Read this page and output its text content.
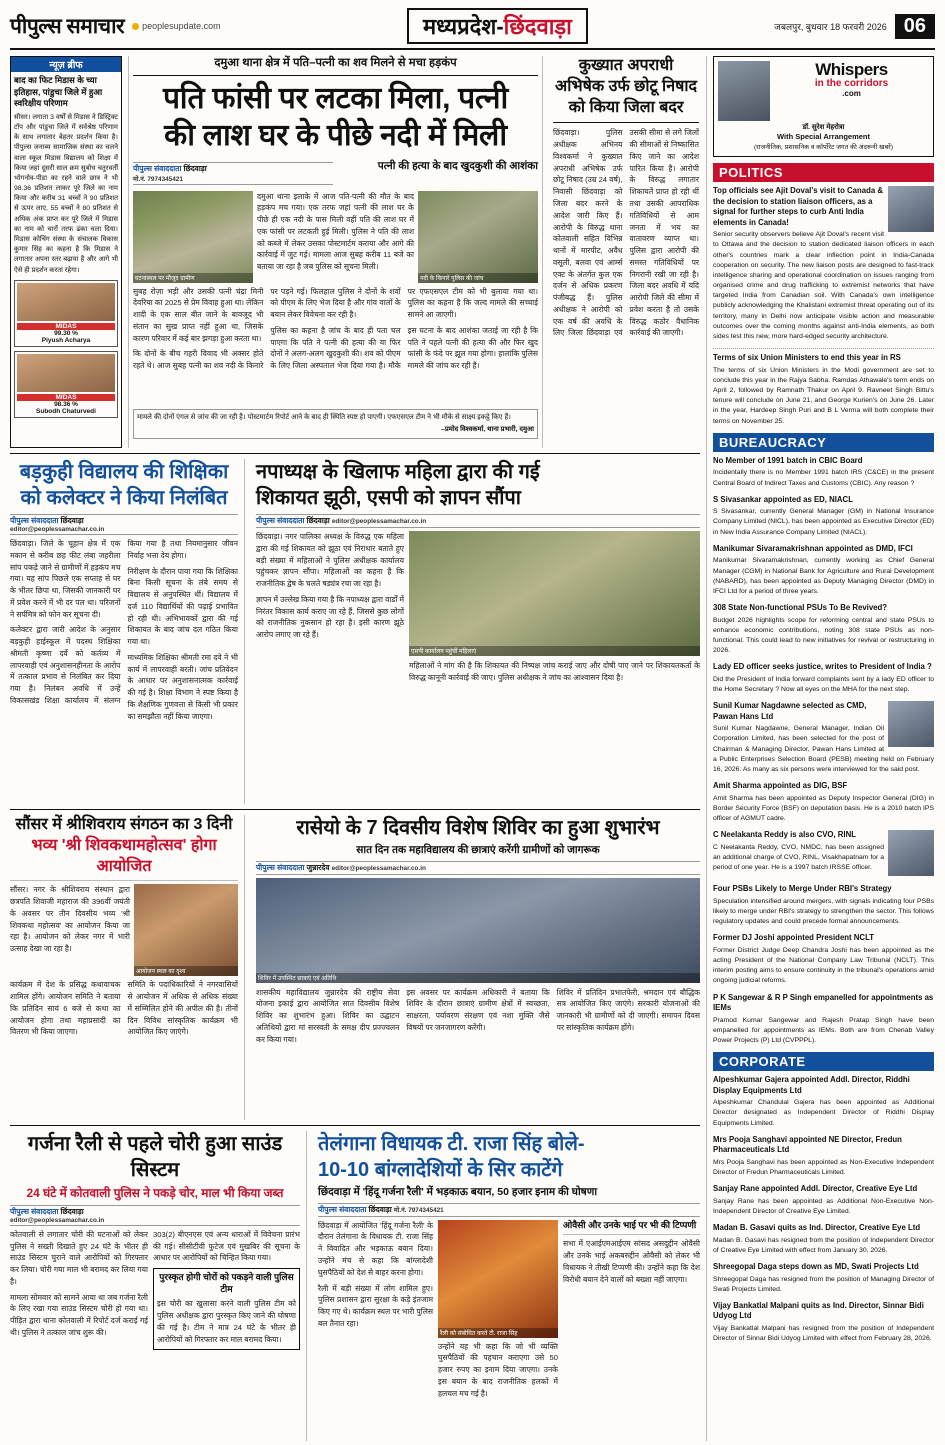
पीपुल्स समाचार peoplesupdate.com	मध्यप्रदेश-छिंदवाड़ा	जबलपुर, बुधवार 18 फरवरी 2026 06
न्यूज़ ब्रीफ
बाद का फिट मिडास के च्या इतिहास, पांडुचा जिले में हुआ स्वरिक्षीय परिणाम
सीसर। लगाता 3 वर्षों से मिडास ने डिस्ट्रिक्ट टॉप और पांडुचा जिले में सर्वश्रेष्ठ परिणाम के साथ लगातार बेहतर प्रदर्शन किया है। पीपुल्स जनाब्य सामाजिक संस्था का चलने वाला स्कूल मिडास विद्यालय को शिक्षा में किया जहां दूसरी साल क्रम सुबोध चतुरवर्ती भोगनोव-पीडा का रहने वाले छात्र ने भी 98.36 प्रतिशत लाकर पूरे जिले का नाम किया और करीब 31 बच्चों ने 90 प्रतिशत से ऊपर लाए, 55 बच्चों ने 80 प्रतिशत से अधिक अंक प्राप्त कर पूरे जिले में मिडास का नाम को चारों तरफ ढंका चला दिया। मिडास कोचिंग संस्था के संचालक विकास कुमार सिंह का कहना है कि मिडास ने लगातार अपना स्तर बढ़ाया है और आगे भी ऐसे ही प्रदर्शन करता रहेगा।
MIDAS
99.30 %
Piyush Acharya
MIDAS
98.36 %
Subodh Chaturvedi
दमुआ थाना क्षेत्र में पति–पत्नी का शव मिलने से मचा हड़कंप
पति फांसी पर लटका मिला, पत्नी
की लाश घर के पीछे नदी में मिली
पीपुल्स संवाददाता छिंदवाड़ा
मो.नं. 7974345421
पत्नी की हत्या के बाद खुदकुशी की आशंका
घटनास्थल पर मौजूद ग्रामीण

दमुआ थाना इलाके में आज पति-पत्नी की मौत के बाद हड़कंप मच गया। एक तरफ जहां पत्नी की लाश घर के पीछे ही एक नदी के पास मिली वहीं पति की लाश घर में एक फांसी पर लटकती हुई मिली। पुलिस ने पति की लाश को कब्जे में लेकर उसका पोस्टमार्टम कराया और आगे की कार्रवाई में जुट गई। मामला आज सुबह करीब 11 बजे का बताया जा रहा है जब पुलिस को सूचना मिली।

नदी के किनारे पुलिस की जांच

सुबह रोज़ा भड़ी और उसकी पत्नी चंद्रा मिनी देवरिया का 2025 से प्रेम विवाह हुआ था। लेकिन शादी के एक साल बीत जाने के बावजूद भी संतान का सुख प्राप्त नहीं हुआ था, जिसके कारण परिवार में कई बार झगड़ा हुआ करता था।

कि दोनों के बीच गहरी विवाद भी अक्सर होते रहते थे। आज सुबह पत्नी का शव नदी के किनारे पर पड़ने गई। फिलहाल पुलिस ने दोनों के शवों को पीएम के लिए भेज दिया है और गांव वालों के बयान लेकर विवेचना कर रही है।

पुलिस का कहना है जांच के बाद ही पता चल पाएगा कि पति ने पत्नी की हत्या की या फिर दोनों ने अलग-अलग खुदकुशी की। शव को पीएम के लिए जिला अस्पताल भेज दिया गया है। मौके पर एफएसएल टीम को भी बुलाया गया था। पुलिस का कहना है कि जल्द मामले की सच्चाई सामने आ जाएगी।

इस घटना के बाद आशंका जताई जा रही है कि पति ने पहले पत्नी की हत्या की और फिर खुद फांसी के फंदे पर झूल गया होगा। हालांकि पुलिस मामले की जांच कर रही है।

मामले की दोनों एंगल से जांच की जा रही है। पोस्टमार्टम रिपोर्ट आने के बाद ही स्थिति स्पष्ट हो पाएगी। एफएसएल टीम ने भी मौके से साक्ष्य इकट्ठे किए हैं।
–प्रमोद विश्वकर्मा, थाना प्रभारी, दमुआ
कुख्यात अपराधी अभिषेक उर्फ छोटू निषाद को किया जिला बदर

छिंदवाड़ा। पुलिस अधीक्षक अभिनय विश्वकर्मा ने कुख्यात अपराधी अभिषेक उर्फ छोटू निषाद (उम्र 24 वर्ष), निवासी छिंदवाड़ा को जिला बदर करने के आदेश जारी किए हैं। आरोपी के विरुद्ध थाना कोतवाली सहित विभिन्न थानों में मारपीट, अवैध वसूली, बलवा एवं आर्म्स एक्ट के अंतर्गत कुल एक दर्जन से अधिक प्रकरण पंजीबद्ध हैं। पुलिस अधीक्षक ने आरोपी को एक वर्ष की अवधि के लिए जिला छिंदवाड़ा एवं उसकी सीमा से लगे जिलों की सीमाओं से निष्कासित किए जाने का आदेश पारित किया है। आरोपी के विरुद्ध लगातार शिकायतें प्राप्त हो रही थीं तथा उसकी आपराधिक गतिविधियों से आम जनता में भय का वातावरण व्याप्त था। पुलिस द्वारा आरोपी की समस्त गतिविधियों पर निगरानी रखी जा रही है। जिला बदर अवधि में यदि आरोपी जिले की सीमा में प्रवेश करता है तो उसके विरुद्ध कठोर वैधानिक कार्रवाई की जाएगी।

बड़कुही विद्यालय की शिक्षिका
को कलेक्टर ने किया निलंबित
पीपुल्स संवाददाता छिंदवाड़ा
editor@peoplessamachar.co.in

छिंदवाड़ा। जिले के चूहान क्षेत्र में एक मकान से करीब छह फीट लंबा जहरीला सांप पकड़े जाने से ग्रामीणों में हड़कंप मच गया। यह सांप पिछले एक सप्ताह से घर के भीतर छिपा था, जिसकी जानकारी घर में प्रवेश करने में भी दर पल था। परिजनों ने सर्पमित्र को फोन कर सूचना दी।

कलेक्टर द्वारा जारी आदेश के अनुसार बड़कुही हाईस्कूल में पदस्थ शिक्षिका श्रीमती कृष्णा दर्वे को कर्तव्य में लापरवाही एवं अनुशासनहीनता के आरोप में तत्काल प्रभाव से निलंबित कर दिया गया है। निलंबन अवधि में उन्हें विकासखंड शिक्षा कार्यालय में संलग्न किया गया है तथा नियमानुसार जीवन निर्वाह भत्ता देय होगा।

निरीक्षण के दौरान पाया गया कि शिक्षिका बिना किसी सूचना के लंबे समय से विद्यालय से अनुपस्थित थीं। विद्यालय में दर्ज 110 विद्यार्थियों की पढ़ाई प्रभावित हो रही थी। अभिभावकों द्वारा की गई शिकायत के बाद जांच दल गठित किया गया था।

माध्यमिक शिक्षिका श्रीमती रमा दवे ने भी कार्य में लापरवाही बरती। जांच प्रतिवेदन के आधार पर अनुशासनात्मक कार्रवाई की गई है। शिक्षा विभाग ने स्पष्ट किया है कि शैक्षणिक गुणवत्ता से किसी भी प्रकार का समझौता नहीं किया जाएगा।

नपाध्यक्ष के खिलाफ महिला द्वारा की गई
शिकायत झूठी, एसपी को ज्ञापन सौंपा
पीपुल्स संवाददाता छिंदवाड़ा editor@peoplessamachar.co.in

छिंदवाड़ा। नगर पालिका अध्यक्ष के विरुद्ध एक महिला द्वारा की गई शिकायत को झूठा एवं निराधार बताते हुए बड़ी संख्या में महिलाओं ने पुलिस अधीक्षक कार्यालय पहुंचकर ज्ञापन सौंपा। महिलाओं का कहना है कि राजनीतिक द्वेष के चलते षड्यंत्र रचा जा रहा है।

ज्ञापन में उल्लेख किया गया है कि नपाध्यक्ष द्वारा वार्डों में निरंतर विकास कार्य कराए जा रहे हैं, जिससे कुछ लोगों को राजनीतिक नुकसान हो रहा है। इसी कारण झूठे आरोप लगाए जा रहे हैं।

एसपी कार्यालय पहुंचीं महिलाएं

महिलाओं ने मांग की है कि शिकायत की निष्पक्ष जांच कराई जाए और दोषी पाए जाने पर शिकायतकर्ता के विरुद्ध कानूनी कार्रवाई की जाए। पुलिस अधीक्षक ने जांच का आश्वासन दिया है।

सौंसर में श्रीशिवराय संगठन का 3 दिनी
भव्य 'श्री शिवकथामहोत्सव' होगा आयोजित

सौंसर। नगर के श्रीशिवराय संस्थान द्वारा छत्रपति शिवाजी महाराज की 396वीं जयंती के अवसर पर तीन दिवसीय भव्य 'श्री शिवकथा महोत्सव' का आयोजन किया जा रहा है। आयोजन को लेकर नगर में भारी उत्साह देखा जा रहा है।

आयोजन स्थल का दृश्य

कार्यक्रम में देश के प्रसिद्ध कथावाचक शामिल होंगे। आयोजन समिति ने बताया कि प्रतिदिन सायं 6 बजे से कथा का आयोजन होगा तथा महाप्रसादी का वितरण भी किया जाएगा।

समिति के पदाधिकारियों ने नगरवासियों से आयोजन में अधिक से अधिक संख्या में सम्मिलित होने की अपील की है। तीनों दिन विविध सांस्कृतिक कार्यक्रम भी आयोजित किए जाएंगे।

रासेयो के 7 दिवसीय विशेष शिविर का हुआ शुभारंभ
सात दिन तक महाविद्यालय की छात्राएं करेंगी ग्रामीणों को जागरूक
पीपुल्स संवाददाता जुन्नारदेव editor@peoplessamachar.co.in
शिविर में उपस्थित छात्राएं एवं अतिथि

शासकीय महाविद्यालय जुन्नारदेव की राष्ट्रीय सेवा योजना इकाई द्वारा आयोजित सात दिवसीय विशेष शिविर का शुभारंभ हुआ। शिविर का उद्घाटन अतिथियों द्वारा मां सरस्वती के समक्ष दीप प्रज्ज्वलन कर किया गया।

इस अवसर पर कार्यक्रम अधिकारी ने बताया कि शिविर के दौरान छात्राएं ग्रामीण क्षेत्रों में स्वच्छता, साक्षरता, पर्यावरण संरक्षण एवं नशा मुक्ति जैसे विषयों पर जनजागरण करेंगी।

शिविर में प्रतिदिन प्रभातफेरी, श्रमदान एवं बौद्धिक सत्र आयोजित किए जाएंगे। सरकारी योजनाओं की जानकारी भी ग्रामीणों को दी जाएगी। समापन दिवस पर सांस्कृतिक कार्यक्रम होंगे।

गर्जना रैली से पहले चोरी हुआ साउंड सिस्टम
24 घंटे में कोतवाली पुलिस ने पकड़े चोर, माल भी किया जब्त
पीपुल्स संवाददाता छिंदवाड़ा
editor@peoplessamachar.co.in

कोतवाली से लगातार चोरी की घटनाओं को लेकर पुलिस ने सख्ती दिखाते हुए 24 घंटे के भीतर ही साउंड सिस्टम चुराने वाले आरोपियों को गिरफ्तार कर लिया। चोरी गया माल भी बरामद कर लिया गया है।

मामला सोमवार को सामने आया था जब गर्जना रैली के लिए रखा गया साउंड सिस्टम चोरी हो गया था। पीड़ित द्वारा थाना कोतवाली में रिपोर्ट दर्ज कराई गई थी। पुलिस ने तत्काल जांच शुरू की।

303(2) बीएनएस एवं अन्य धाराओं में विवेचना प्रारंभ की गई। सीसीटीवी फुटेज एवं मुखबिर की सूचना के आधार पर आरोपियों को चिन्हित किया गया।

पुरस्कृत होगी चोरों को पकड़ने वाली पुलिस टीम
इस चोरी का खुलासा करने वाली पुलिस टीम को पुलिस अधीक्षक द्वारा पुरस्कृत किए जाने की घोषणा की गई है। टीम ने मात्र 24 घंटे के भीतर ही आरोपियों को गिरफ्तार कर माल बरामद किया।
तेलंगाना विधायक टी. राजा सिंह बोले-
10-10 बांग्लादेशियों के सिर काटेंगे
छिंदवाड़ा में 'हिंदू गर्जना रैली' में भड़काऊ बयान, 50 हजार इनाम की घोषणा
पीपुल्स संवाददाता छिंदवाड़ा मो.नं. 7974345421

छिंदवाड़ा में आयोजित 'हिंदू गर्जना रैली' के दौरान तेलंगाना के विधायक टी. राजा सिंह ने विवादित और भड़काऊ बयान दिया। उन्होंने मंच से कहा कि बांग्लादेशी घुसपैठियों को देश से बाहर करना होगा।

रैली में बड़ी संख्या में लोग शामिल हुए। पुलिस प्रशासन द्वारा सुरक्षा के कड़े इंतजाम किए गए थे। कार्यक्रम स्थल पर भारी पुलिस बल तैनात रहा।

रैली को संबोधित करते टी. राजा सिंह

उन्होंने यह भी कहा कि जो भी व्यक्ति घुसपैठियों की पहचान कराएगा उसे 50 हजार रुपए का इनाम दिया जाएगा। उनके इस बयान के बाद राजनीतिक हलकों में हलचल मच गई है।

ओवैसी और उनके भाई पर भी की टिप्पणी
सभा में एआईएमआईएम सांसद असदुद्दीन ओवैसी और उनके भाई अकबरुद्दीन ओवैसी को लेकर भी विधायक ने तीखी टिप्पणी की। उन्होंने कहा कि देश विरोधी बयान देने वालों को बख्शा नहीं जाएगा।
Whispers
in the corridors
.com
डॉ. सुरेश मेहरोत्रा
With Special Arrangement
(राजनीतिक, प्रशासनिक व कॉर्पोरेट जगत की अंदरूनी खबरें)
POLITICS
Top officials see Ajit Doval's visit to Canada & the decision to station liaison officers, as a signal for further steps to curb Anti India elements in Canada!

Senior security observers believe Ajit Doval's recent visit to Ottawa and the decision to station dedicated liaison officers in each other's countries mark a clear inflection point in India-Canada cooperation on security. The new liaison posts are designed to fast-track intelligence sharing and operational coordination on issues ranging from organised crime and drug trafficking to extremist networks that have targeted India from Canadian soil. With Canada's own intelligence publicly acknowledging the Khalistani extremist threat operating out of its territory, many in Delhi now anticipate visible action and measurable outcomes over the coming months against anti-India elements, as both sides test this new, more hard-edged security architecture.

Terms of six Union Ministers to end this year in RS

The terms of six Union Ministers in the Modi government are set to conclude this year in the Rajya Sabha. Ramdas Athawale's term ends on April 2, followed by Ramnath Thakur on April 9. Ravneet Singh Bittu's tenure will conclude on June 21, and George Kurien's on June 26. Later in the year, Hardeep Singh Puri and B L Verma will both complete their terms on November 25.

BUREAUCRACY
No Member of 1991 batch in CBIC Board

Incidentally there is no Member 1991 batch IRS (C&CE) in the present Central Board of Indirect Taxes and Customs (CBIC). Any reason ?

S Sivasankar appointed as ED, NIACL

S Sivasankar, currently General Manager (GM) in National Insurance Company Limited (NICL), has been appointed as Executive Director (ED) in New India Assurance Company Limited (NIACL).

Manikumar Sivaramakrishnan appointed as DMD, IFCI

Manikumar Sivaramakrishnan, currently working as Chief General Manager (CGM) in National Bank for Agriculture and Rural Development (NABARD), has been appointed as Deputy Managing Director (DMD) in IFCI Ltd for a period of three years.

308 State Non-functional PSUs To Be Revived?

Budget 2026 highlights scope for reforming central and state PSUs to enhance economic contributions, noting 308 state PSUs as non-functional. This could lead to new initiatives for revival or restructuring in 2026.

Lady ED officer seeks justice, writes to President of India ?

Did the President of India forward complaints sent by a lady ED officer to the Home Secretary ? Now all eyes on the MHA for the next step.

Sunil Kumar Nagdawne selected as CMD, Pawan Hans Ltd

Sunil Kumar Nagdawne, General Manager, Indian Oil Corporation Limited, has been selected for the post of Chairman & Managing Director, Pawan Hans Limited at a Public Enterprises Selection Board (PESB) meeting held on February 16, 2026. As many as six persons were interviewed for the said post.

Amit Sharma appointed as DIG, BSF

Amit Sharma has been appointed as Deputy Inspector General (DIG) in Border Security Force (BSF) on deputation basis. He is a 2010 batch IPS officer of AGMUT cadre.

C Neelakanta Reddy is also CVO, RINL

C Neelakanta Reddy, CVO, NMDC, has been assigned an additional charge of CVO, RINL, Visakhapatnam for a period of one year. He is a 1997 batch IRSSE officer.

Four PSBs Likely to Merge Under RBI's Strategy

Speculation intensified around mergers, with signals indicating four PSBs likely to merge under RBI's strategy to strengthen the sector. This follows regulatory updates and could precede formal announcements.

Former DJ Joshi appointed President NCLT

Former District Judge Deep Chandra Joshi has been appointed as the acting President of the National Company Law Tribunal (NCLT). This interim posting aims to ensure continuity in the tribunal's operations amid ongoing judicial reforms.

P K Sangewar & R P Singh empanelled for appointments as IEMs

Pramod Kumar Sangewar and Rajesh Pratap Singh have been empanelled for appointments as IEMs. Both are from Chenab Valley Power Projects (P) Ltd (CVPPPL).

CORPORATE
Alpeshkumar Gajera appointed Addl. Director, Riddhi Display Equipments Ltd

Alpeshkumar Chandulal Gajera has been appointed as Additional Director designated as Independent Director of Riddhi Display Equipments Limited.

Mrs Pooja Sanghavi appointed NE Director, Fredun Pharmaceuticals Ltd

Mrs Pooja Sanghavi has been appointed as Non-Executive Independent Director of Fredun Pharmaceuticals Limited.

Sanjay Rane appointed Addl. Director, Creative Eye Ltd

Sanjay Rane has been appointed as Additional Non-Executive Non-Independent Director of Creative Eye Limited.

Madan B. Gasavi quits as Ind. Director, Creative Eye Ltd

Madan B. Gasavi has resigned from the position of Independent Director of Creative Eye Limited with effect from January 30, 2026.

Shreegopal Daga steps down as MD, Swati Projects Ltd

Shreegopal Daga has resigned from the position of Managing Director of Swati Projects Limited.

Vijay Bankatlal Malpani quits as Ind. Director, Sinnar Bidi Udyog Ltd

Vijay Bankatlal Malpani has resigned from the position of Independent Director of Sinnar Bidi Udyog Limited with effect from February 28, 2026.
